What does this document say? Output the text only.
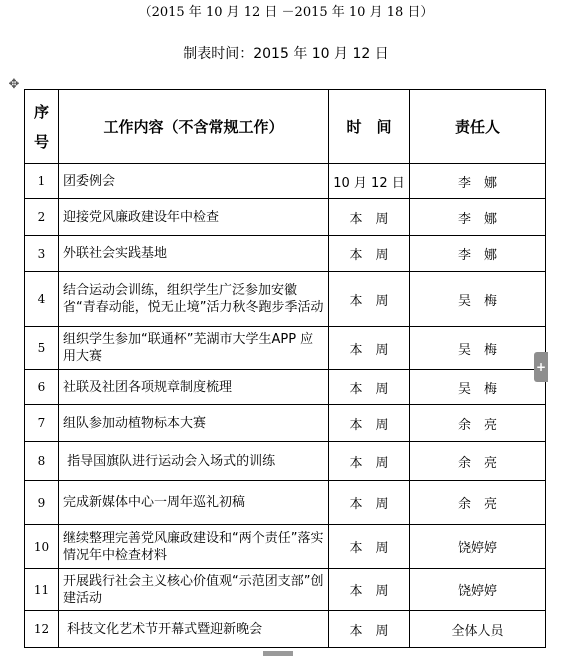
（2015 年 10 月 12 日 －2015 年 10 月 18 日）
制表时间：2015 年 10 月 12 日
✥
序
号	工作内容（不含常规工作）	时　间	责任人
1	团委例会	10 月 12 日	李　娜
2	迎接党风廉政建设年中检查	本　周	李　娜
3	外联社会实践基地	本　周	李　娜
4	结合运动会训练，组织学生广泛参加安徽省“青春动能，悦无止境”活力秋冬跑步季活动	本　周	吴　梅
5	组织学生参加“联通杯”芜湖市大学生APP 应用大赛	本　周	吴　梅
6	社联及社团各项规章制度梳理	本　周	吴　梅
7	组队参加动植物标本大赛	本　周	余　亮
8	指导国旗队进行运动会入场式的训练	本　周	余　亮
9	完成新媒体中心一周年巡礼初稿	本　周	余　亮
10	继续整理完善党风廉政建设和“两个责任”落实情况年中检查材料	本　周	饶婷婷
11	开展践行社会主义核心价值观“示范团支部”创建活动	本　周	饶婷婷
12	科技文化艺术节开幕式暨迎新晚会	本　周	全体人员
+
